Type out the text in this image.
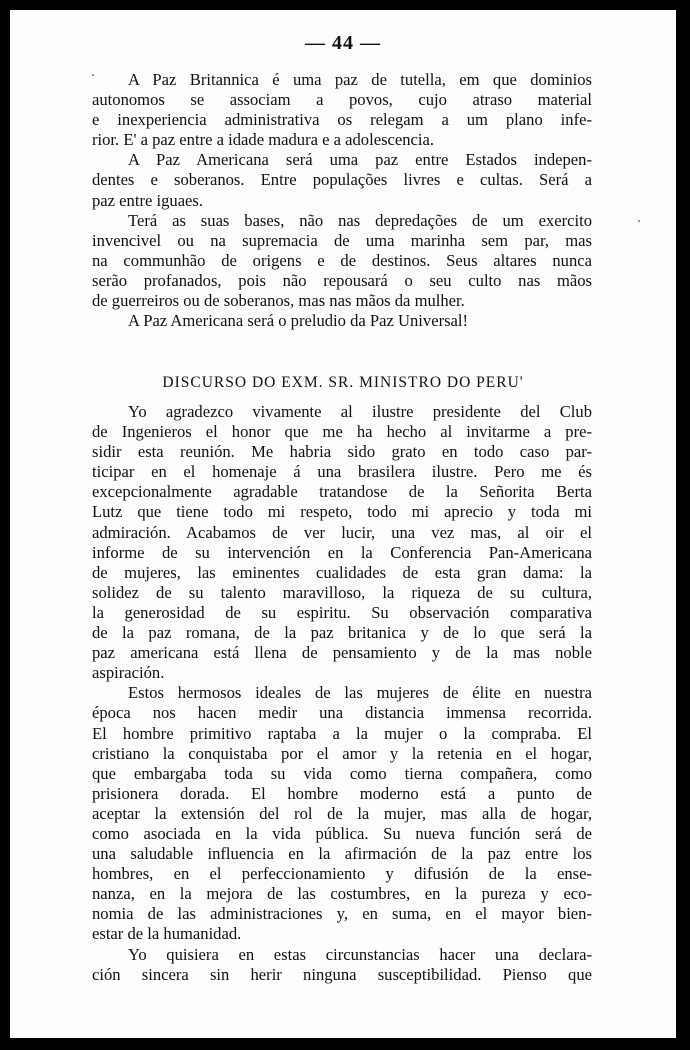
— 44 —
A Paz Britannica é uma paz de tutella, em que dominios
autonomos se associam a povos, cujo atraso material
e inexperiencia administrativa os relegam a um plano infe-
rior. E' a paz entre a idade madura e a adolescencia.
A Paz Americana será uma paz entre Estados indepen-
dentes e soberanos. Entre populações livres e cultas. Será a
paz entre iguaes.
Terá as suas bases, não nas depredações de um exercito
invencivel ou na supremacia de uma marinha sem par, mas
na communhão de origens e de destinos. Seus altares nunca
serão profanados, pois não repousará o seu culto nas mãos
de guerreiros ou de soberanos, mas nas mãos da mulher.
A Paz Americana será o preludio da Paz Universal!
DISCURSO DO EXM. SR. MINISTRO DO PERU'
Yo agradezco vivamente al ilustre presidente del Club
de Ingenieros el honor que me ha hecho al invitarme a pre-
sidir esta reunión. Me habria sido grato en todo caso par-
ticipar en el homenaje á una brasilera ilustre. Pero me és
excepcionalmente agradable tratandose de la Señorita Berta
Lutz que tiene todo mi respeto, todo mi aprecio y toda mi
admiración. Acabamos de ver lucir, una vez mas, al oir el
informe de su intervención en la Conferencia Pan-Americana
de mujeres, las eminentes cualidades de esta gran dama: la
solidez de su talento maravilloso, la riqueza de su cultura,
la generosidad de su espiritu. Su observación comparativa
de la paz romana, de la paz britanica y de lo que será la
paz americana está llena de pensamiento y de la mas noble
aspiración.
Estos hermosos ideales de las mujeres de élite en nuestra
época nos hacen medir una distancia immensa recorrida.
El hombre primitivo raptaba a la mujer o la compraba. El
cristiano la conquistaba por el amor y la retenia en el hogar,
que embargaba toda su vida como tierna compañera, como
prisionera dorada. El hombre moderno está a punto de
aceptar la extensión del rol de la mujer, mas alla de hogar,
como asociada en la vida pública. Su nueva función será de
una saludable influencia en la afirmación de la paz entre los
hombres, en el perfeccionamiento y difusión de la ense-
nanza, en la mejora de las costumbres, en la pureza y eco-
nomia de las administraciones y, en suma, en el mayor bien-
estar de la humanidad.
Yo quisiera en estas circunstancias hacer una declara-
ción sincera sin herir ninguna susceptibilidad. Pienso que
